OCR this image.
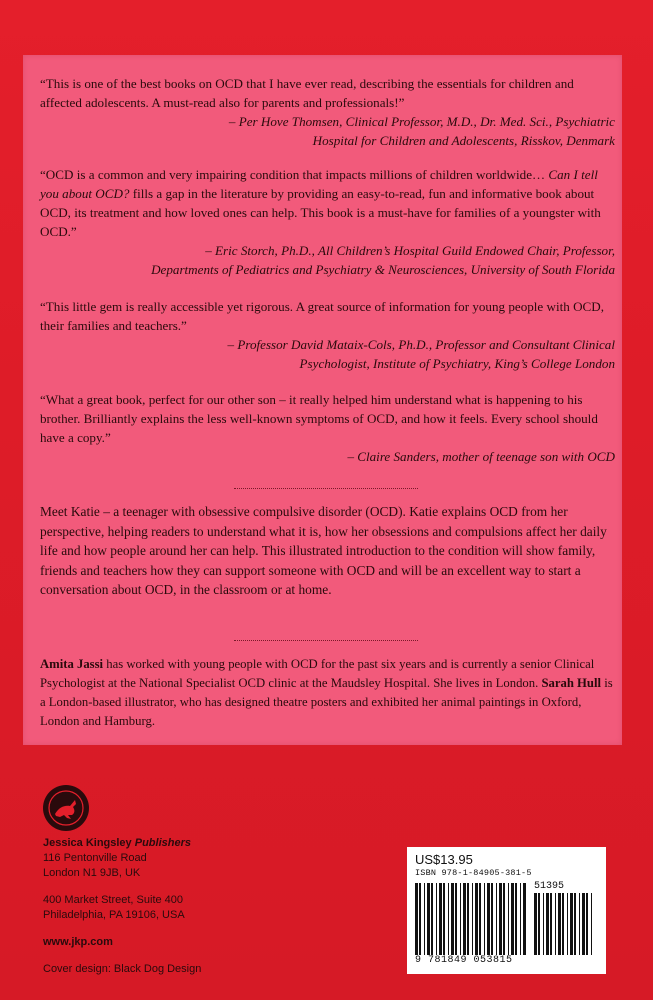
“This is one of the best books on OCD that I have ever read, describing the essentials for children and affected adolescents. A must-read also for parents and professionals!”
– Per Hove Thomsen, Clinical Professor, M.D., Dr. Med. Sci., Psychiatric
Hospital for Children and Adolescents, Risskov, Denmark
“OCD is a common and very impairing condition that impacts millions of children worldwide… Can I tell you about OCD? fills a gap in the literature by providing an easy-to-read, fun and informative book about OCD, its treatment and how loved ones can help. This book is a must-have for families of a youngster with OCD.”
– Eric Storch, Ph.D., All Children’s Hospital Guild Endowed Chair, Professor,
Departments of Pediatrics and Psychiatry & Neurosciences, University of South Florida
“This little gem is really accessible yet rigorous. A great source of information for young people with OCD, their families and teachers.”
– Professor David Mataix-Cols, Ph.D., Professor and Consultant Clinical
Psychologist, Institute of Psychiatry, King’s College London
“What a great book, perfect for our other son – it really helped him understand what is happening to his brother. Brilliantly explains the less well-known symptoms of OCD, and how it feels. Every school should have a copy.”
– Claire Sanders, mother of teenage son with OCD
Meet Katie – a teenager with obsessive compulsive disorder (OCD). Katie explains OCD from her perspective, helping readers to understand what it is, how her obsessions and compulsions affect her daily life and how people around her can help. This illustrated introduction to the condition will show family, friends and teachers how they can support someone with OCD and will be an excellent way to start a conversation about OCD, in the classroom or at home.
Amita Jassi has worked with young people with OCD for the past six years and is currently a senior Clinical Psychologist at the National Specialist OCD clinic at the Maudsley Hospital. She lives in London. Sarah Hull is a London-based illustrator, who has designed theatre posters and exhibited her animal paintings in Oxford, London and Hamburg.
Jessica Kingsley Publishers
116 Pentonville Road
London N1 9JB, UK
400 Market Street, Suite 400
Philadelphia, PA 19106, USA
www.jkp.com
Cover design: Black Dog Design
US$13.95
ISBN 978-1-84905-381-5
51395
9 781849 053815
